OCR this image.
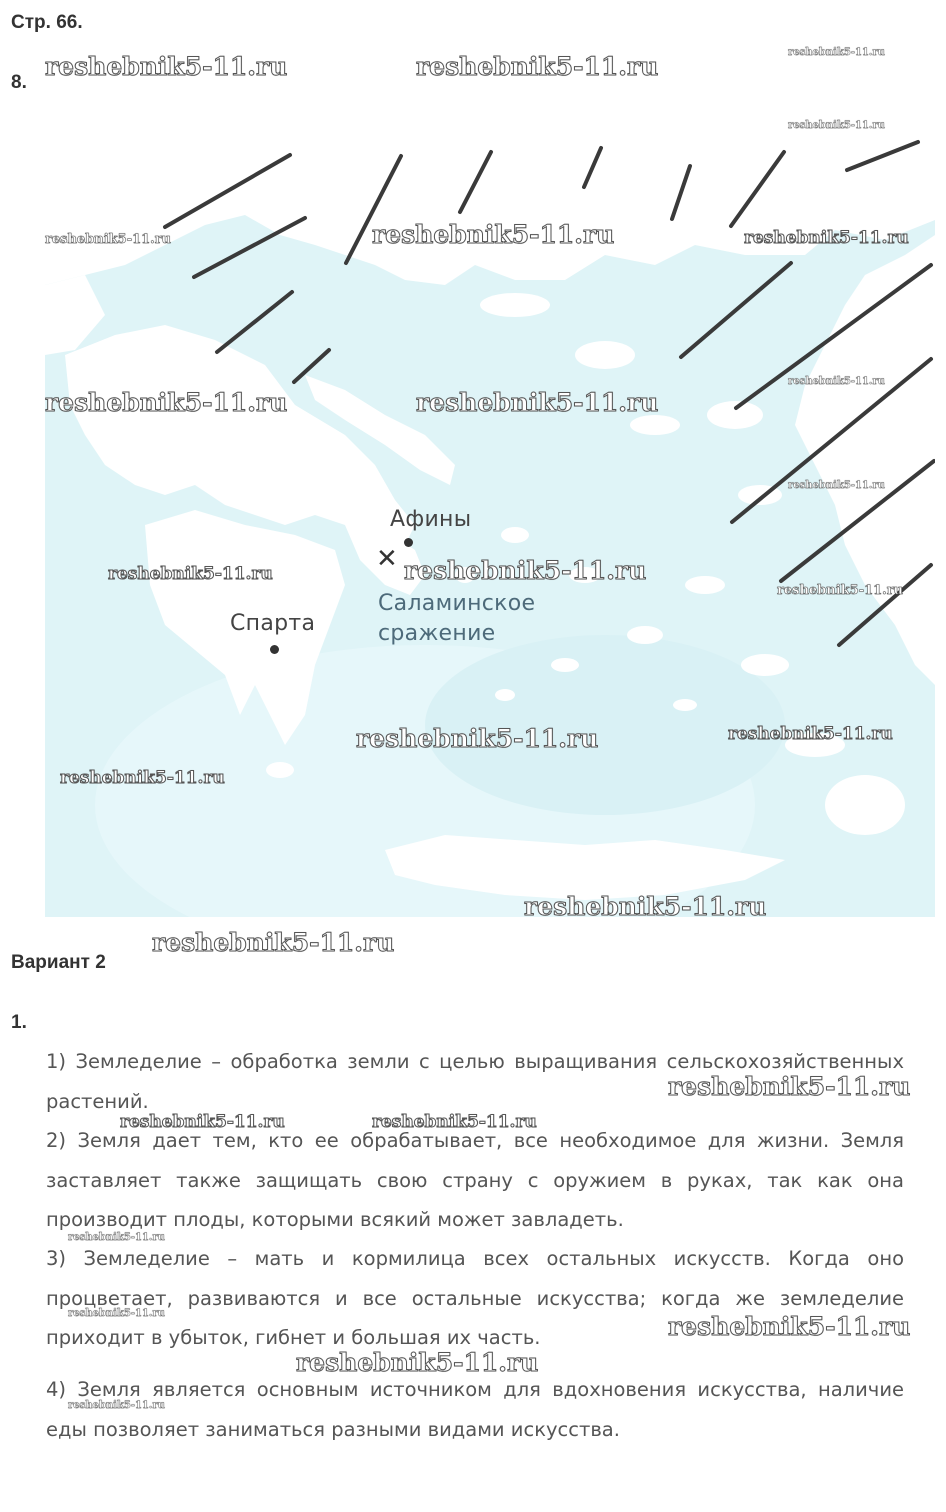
Стр. 66.
8.
✕
Афины
Спарта
Саламинское
сражение
Вариант 2
1.
1) Земледелие – обработка земли с целью выращивания сельскохозяйственных растений.
2) Земля дает тем, кто ее обрабатывает, все необходимое для жизни. Земля заставляет также защищать свою страну с оружием в руках, так как она производит плоды, которыми всякий может завладеть.
3) Земледелие – мать и кормилица всех остальных искусств. Когда оно процветает, развиваются и все остальные искусства; когда же земледелие приходит в убыток, гибнет и большая их часть.
4) Земля является основным источником для вдохновения искусства, наличие еды позволяет заниматься разными видами искусства.
reshebnik5-11.ru	reshebnik5-11.ru	reshebnik5-11.ru
reshebnik5-11.ru
reshebnik5-11.ru	reshebnik5-11.ru	reshebnik5-11.ru
reshebnik5-11.ru	reshebnik5-11.ru
reshebnik5-11.ru
reshebnik5-11.ru
reshebnik5-11.ru	reshebnik5-11.ru
reshebnik5-11.ru
reshebnik5-11.ru	reshebnik5-11.ru
reshebnik5-11.ru
reshebnik5-11.ru
reshebnik5-11.ru
reshebnik5-11.ru
reshebnik5-11.ru	reshebnik5-11.ru
reshebnik5-11.ru
reshebnik5-11.ru	reshebnik5-11.ru
reshebnik5-11.ru
reshebnik5-11.ru
